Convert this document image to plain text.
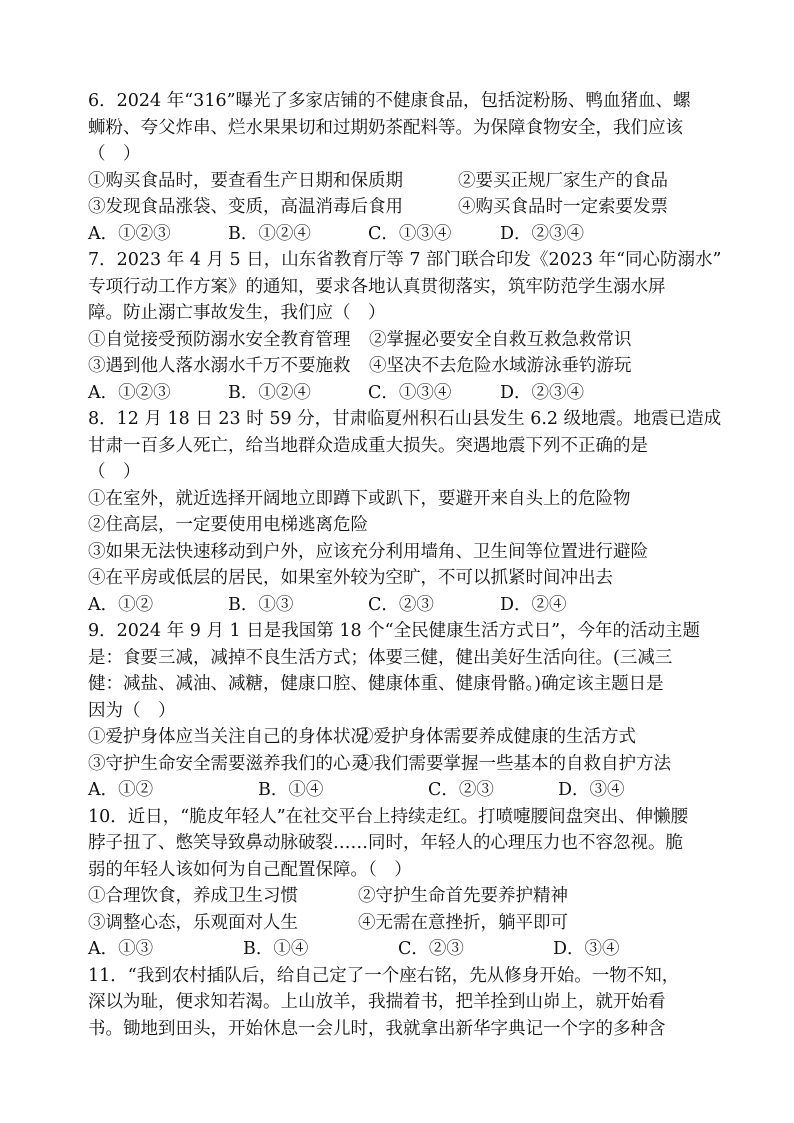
6．2024 年“316”曝光了多家店铺的不健康食品，包括淀粉肠、鸭血猪血、螺
蛳粉、夸父炸串、烂水果果切和过期奶茶配料等。为保障食物安全，我们应该
（　）
①购买食品时，要查看生产日期和保质期	②要买正规厂家生产的食品
③发现食品涨袋、变质，高温消毒后食用	④购买食品时一定索要发票
A．①②③	B．①②④	C．①③④	D．②③④
7．2023 年 4 月 5 日，山东省教育厅等 7 部门联合印发《2023 年“同心防溺水”
专项行动工作方案》的通知，要求各地认真贯彻落实，筑牢防范学生溺水屏
障。防止溺亡事故发生，我们应（　）
①自觉接受预防溺水安全教育管理	②掌握必要安全自救互救急救常识
③遇到他人落水溺水千万不要施救	④坚决不去危险水域游泳垂钓游玩
A．①②③	B．①②④	C．①③④	D．②③④
8．12 月 18 日 23 时 59 分，甘肃临夏州积石山县发生 6.2 级地震。地震已造成
甘肃一百多人死亡，给当地群众造成重大损失。突遇地震下列不正确的是
（　）
①在室外，就近选择开阔地立即蹲下或趴下，要避开来自头上的危险物
②住高层，一定要使用电梯逃离危险
③如果无法快速移动到户外，应该充分利用墙角、卫生间等位置进行避险
④在平房或低层的居民，如果室外较为空旷，不可以抓紧时间冲出去
A．①②	B．①③	C．②③	D．②④
9．2024 年 9 月 1 日是我国第 18 个“全民健康生活方式日”，今年的活动主题
是：食要三减，减掉不良生活方式；体要三健，健出美好生活向往。(三减三
健：减盐、减油、减糖，健康口腔、健康体重、健康骨骼。)确定该主题日是
因为（　）
①爱护身体应当关注自己的身体状况
②爱护身体需要养成健康的生活方式
③守护生命安全需要滋养我们的心灵
④我们需要掌握一些基本的自救自护方法
A．①②	B．①④	C．②③	D．③④
10．近日，“脆皮年轻人”在社交平台上持续走红。打喷嚏腰间盘突出、伸懒腰
脖子扭了、憋笑导致鼻动脉破裂……同时，年轻人的心理压力也不容忽视。脆
弱的年轻人该如何为自己配置保障。（　）
①合理饮食，养成卫生习惯	②守护生命首先要养护精神
③调整心态，乐观面对人生	④无需在意挫折，躺平即可
A．①③	B．①④	C．②③	D．③④
11．“我到农村插队后，给自己定了一个座右铭，先从修身开始。一物不知，
深以为耻，便求知若渴。上山放羊，我揣着书，把羊拴到山峁上，就开始看
书。锄地到田头，开始休息一会儿时，我就拿出新华字典记一个字的多种含
